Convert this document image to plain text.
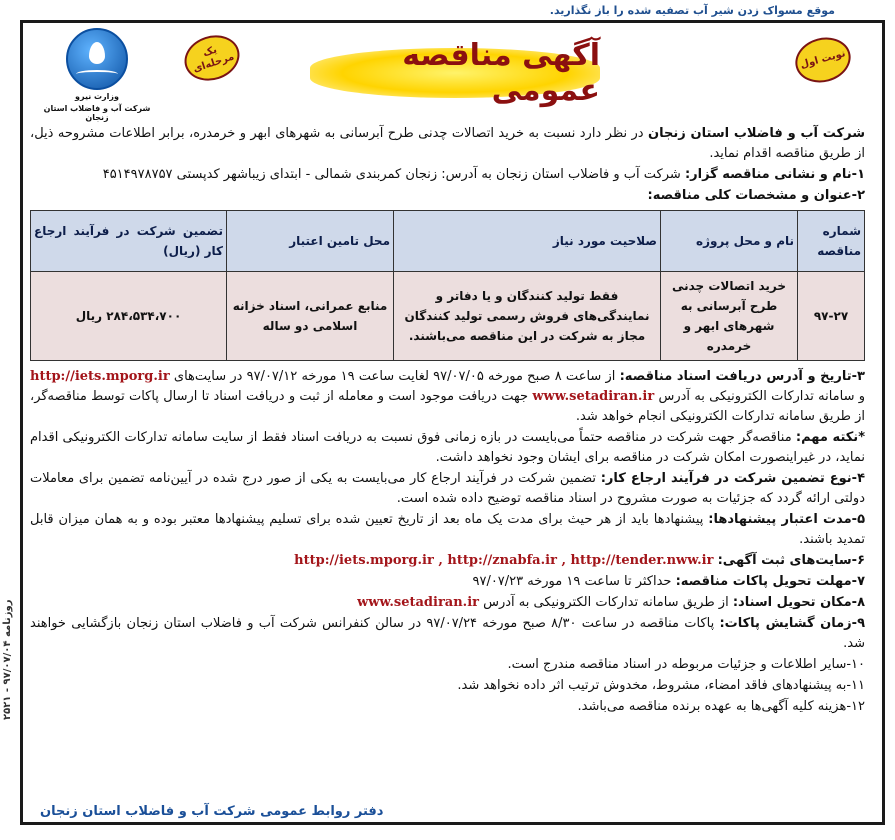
موقع مسواک زدن شیر آب تصفیه شده را باز نگذارید.
وزارت نیرو
شرکت آب و فاضلاب استان زنجان
نوبت اول
یک مرحله‌ای	آگهی مناقصه عمومی

شرکت آب و فاضلاب استان زنجان در نظر دارد نسبت به خرید اتصالات چدنی طرح آبرسانی به شهرهای ابهر و خرمدره، برابر اطلاعات مشروحه ذیل، از طریق مناقصه اقدام نماید.

۱-نام و نشانی مناقصه گزار: شرکت آب و فاضلاب استان زنجان به آدرس: زنجان کمربندی شمالی - ابتدای زیباشهر کدپستی ۴۵۱۴۹۷۸۷۵۷

۲-عنوان و مشخصات کلی مناقصه:

شماره مناقصه	نام و محل پروژه	صلاحیت مورد نیاز	محل تامین اعتبار	تضمین شرکت در فرآیند ارجاع کار (ریال)
۹۷-۲۷	خرید اتصالات چدنی طرح آبرسانی به شهرهای ابهر و خرمدره	فقط تولید کنندگان و یا دفاتر و نمایندگی‌های فروش رسمی تولید کنندگان مجاز به شرکت در این مناقصه می‌باشند.	منابع عمرانی، اسناد خزانه اسلامی دو ساله	۲۸۴،۵۳۴،۷۰۰ ریال

۳-تاریخ و آدرس دریافت اسناد مناقصه: از ساعت ۸ صبح مورخه ۹۷/۰۷/۰۵ لغایت ساعت ۱۹ مورخه ۹۷/۰۷/۱۲ در سایت‌های http://iets.mporg.ir و سامانه تدارکات الکترونیکی به آدرس www.setadiran.ir جهت دریافت موجود است و معامله از ثبت و دریافت اسناد تا ارسال پاکات توسط مناقصه‌گر، از طریق سامانه تدارکات الکترونیکی انجام خواهد شد.

*نکته مهم: مناقصه‌گر جهت شرکت در مناقصه حتماً می‌بایست در بازه زمانی فوق نسبت به دریافت اسناد فقط از سایت سامانه تدارکات الکترونیکی اقدام نماید، در غیراینصورت امکان شرکت در مناقصه برای ایشان وجود نخواهد داشت.

۴-نوع تضمین شرکت در فرآیند ارجاع کار: تضمین شرکت در فرآیند ارجاع کار می‌بایست به یکی از صور درج شده در آیین‌نامه تضمین برای معاملات دولتی ارائه گردد که جزئیات به صورت مشروح در اسناد مناقصه توضیح داده شده است.

۵-مدت اعتبار پیشنهادها: پیشنهادها باید از هر حیث برای مدت یک ماه بعد از تاریخ تعیین شده برای تسلیم پیشنهادها معتبر بوده و به همان میزان قابل تمدید باشند.

۶-سایت‌های ثبت آگهی: http://iets.mporg.ir , http://znabfa.ir , http://tender.nww.ir

۷-مهلت تحویل پاکات مناقصه: حداکثر تا ساعت ۱۹ مورخه ۹۷/۰۷/۲۳

۸-مکان تحویل اسناد: از طریق سامانه تدارکات الکترونیکی به آدرس www.setadiran.ir

۹-زمان گشایش پاکات: پاکات مناقصه در ساعت ۸/۳۰ صبح مورخه ۹۷/۰۷/۲۴ در سالن کنفرانس شرکت آب و فاضلاب استان زنجان بازگشایی خواهند شد.

۱۰-سایر اطلاعات و جزئیات مربوطه در اسناد مناقصه مندرج است.

۱۱-به پیشنهادهای فاقد امضاء، مشروط، مخدوش ترتیب اثر داده نخواهد شد.

۱۲-هزینه کلیه آگهی‌ها به عهده برنده مناقصه می‌باشد.

روزنامه ۹۷/۰۷/۰۴ - ۲۵۲۱
دفتر روابط عمومی شرکت آب و فاضلاب استان زنجان
